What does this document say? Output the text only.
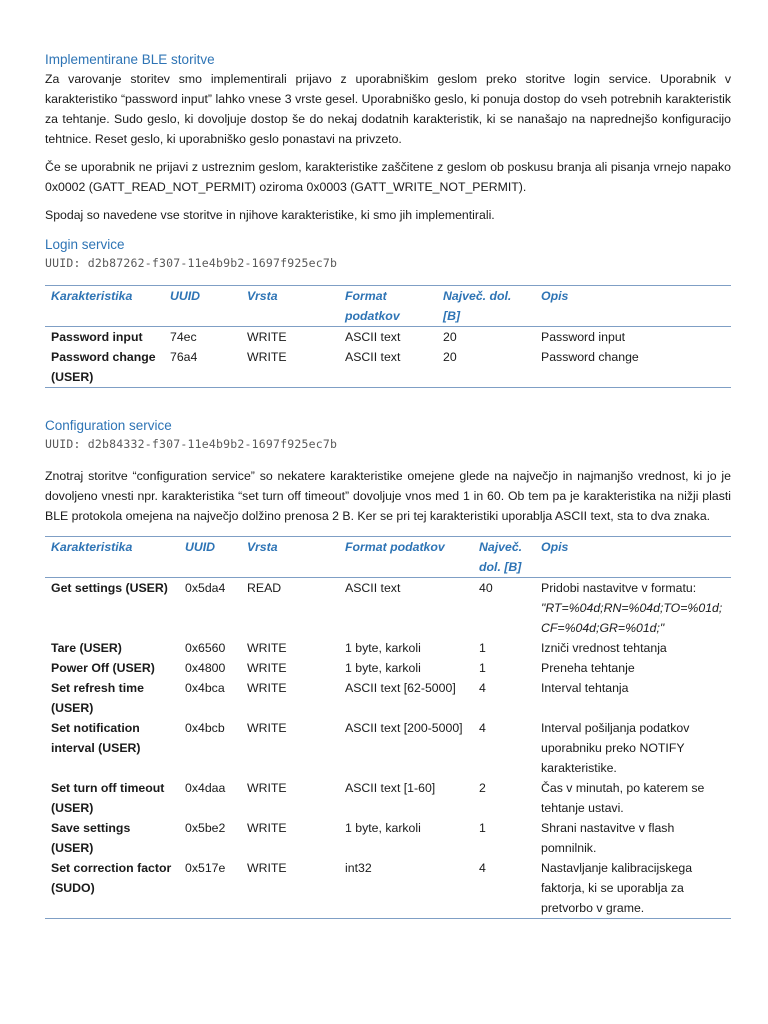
Implementirane BLE storitve

Za varovanje storitev smo implementirali prijavo z uporabniškim geslom preko storitve login service. Uporabnik v karakteristiko “password input” lahko vnese 3 vrste gesel. Uporabniško geslo, ki ponuja dostop do vseh potrebnih karakteristik za tehtanje. Sudo geslo, ki dovoljuje dostop še do nekaj dodatnih karakteristik, ki se nanašajo na naprednejšo konfiguracijo tehtnice. Reset geslo, ki uporabniško geslo ponastavi na privzeto.

Če se uporabnik ne prijavi z ustreznim geslom, karakteristike zaščitene z geslom ob poskusu branja ali pisanja vrnejo napako 0x0002 (GATT_READ_NOT_PERMIT) oziroma 0x0003 (GATT_WRITE_NOT_PERMIT).

Spodaj so navedene vse storitve in njihove karakteristike, ki smo jih implementirali.

Login service
UUID: d2b87262-f307-11e4b9b2-1697f925ec7b
Karakteristika	UUID	Vrsta	Format podatkov	Največ. dol. [B]	Opis
Password input	74ec	WRITE	ASCII text	20	Password input
Password change (USER)	76a4	WRITE	ASCII text	20	Password change
Configuration service
UUID: d2b84332-f307-11e4b9b2-1697f925ec7b

Znotraj storitve “configuration service” so nekatere karakteristike omejene glede na največjo in najmanjšo vrednost, ki jo je dovoljeno vnesti npr. karakteristika “set turn off timeout” dovoljuje vnos med 1 in 60. Ob tem pa je karakteristika na nižji plasti BLE protokola omejena na največjo dolžino prenosa 2 B. Ker se pri tej karakteristiki uporablja ASCII text, sta to dva znaka.

Karakteristika	UUID	Vrsta	Format podatkov	Največ. dol. [B]	Opis
Get settings (USER)	0x5da4	READ	ASCII text	40	Pridobi nastavitve v formatu:
"RT=%04d;RN=%04d;TO=%01d; CF=%04d;GR=%01d;"
Tare (USER)	0x6560	WRITE	1 byte, karkoli	1	Izniči vrednost tehtanja
Power Off (USER)	0x4800	WRITE	1 byte, karkoli	1	Preneha tehtanje
Set refresh time (USER)	0x4bca	WRITE	ASCII text [62-5000]	4	Interval tehtanja
Set notification interval (USER)	0x4bcb	WRITE	ASCII text [200-5000]	4	Interval pošiljanja podatkov uporabniku preko NOTIFY karakteristike.
Set turn off timeout (USER)	0x4daa	WRITE	ASCII text [1-60]	2	Čas v minutah, po katerem se tehtanje ustavi.
Save settings (USER)	0x5be2	WRITE	1 byte, karkoli	1	Shrani nastavitve v flash pomnilnik.
Set correction factor (SUDO)	0x517e	WRITE	int32	4	Nastavljanje kalibracijskega faktorja, ki se uporablja za pretvorbo v grame.
